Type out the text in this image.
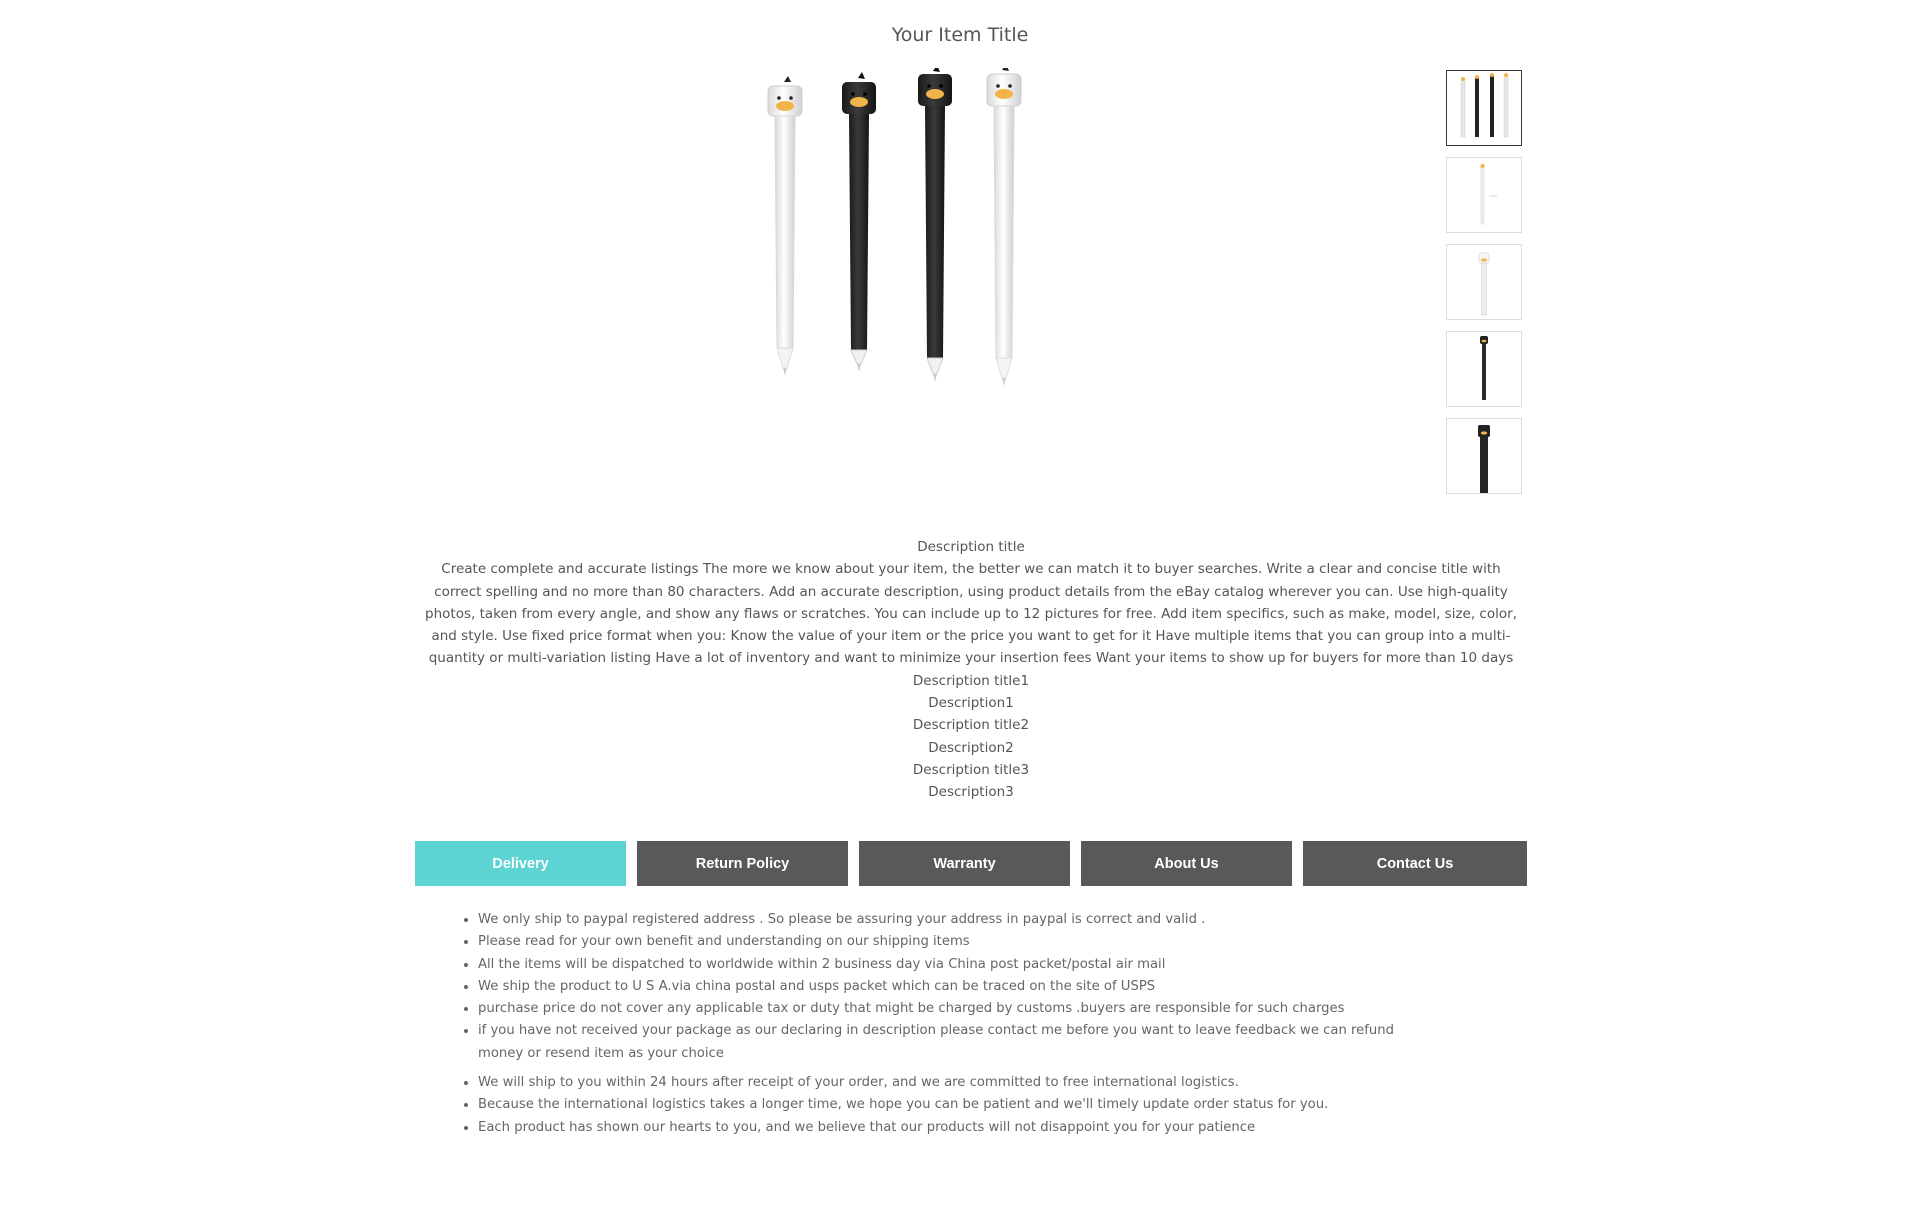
Your Item Title
Description title
Create complete and accurate listings The more we know about your item, the better we can match it to buyer searches. Write a clear and concise title with correct spelling and no more than 80 characters. Add an accurate description, using product details from the eBay catalog wherever you can. Use high-quality photos, taken from every angle, and show any flaws or scratches. You can include up to 12 pictures for free. Add item specifics, such as make, model, size, color, and style. Use fixed price format when you: Know the value of your item or the price you want to get for it Have multiple items that you can group into a multi-quantity or multi-variation listing Have a lot of inventory and want to minimize your insertion fees Want your items to show up for buyers for more than 10 days
Description title1
Description1
Description title2
Description2
Description title3
Description3
Delivery	Return Policy	Warranty	About Us	Contact Us
• We only ship to paypal registered address . So please be assuring your address in paypal is correct and valid .
• Please read for your own benefit and understanding on our shipping items
• All the items will be dispatched to worldwide within 2 business day via China post packet/postal air mail
• We ship the product to U S A.via china postal and usps packet which can be traced on the site of USPS
• purchase price do not cover any applicable tax or duty that might be charged by customs .buyers are responsible for such charges
• if you have not received your package as our declaring in description please contact me before you want to leave feedback we can refund money or resend item as your choice
• We will ship to you within 24 hours after receipt of your order, and we are committed to free international logistics.
• Because the international logistics takes a longer time, we hope you can be patient and we'll timely update order status for you.
• Each product has shown our hearts to you, and we believe that our products will not disappoint you for your patience
